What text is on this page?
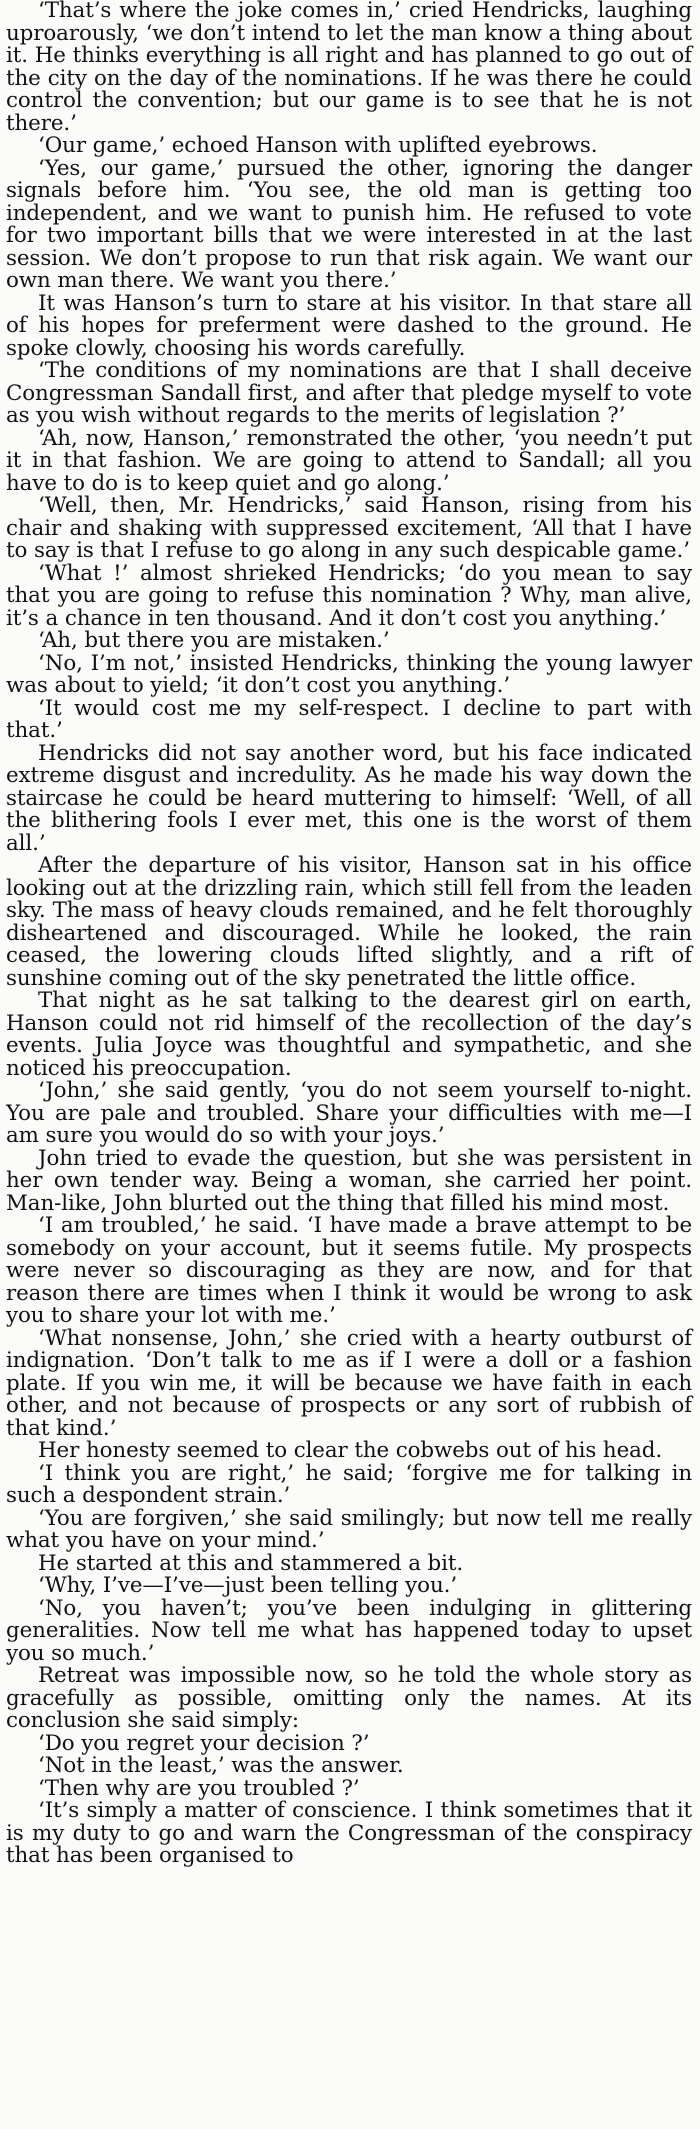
‘That’s where the joke comes in,’ cried Hendricks, laughing uproarously, ‘we don’t intend to let the man know a thing about it. He thinks everything is all right and has planned to go out of the city on the day of the nominations. If he was there he could control the convention; but our game is to see that he is not there.’

‘Our game,’ echoed Hanson with uplifted eyebrows.

‘Yes, our game,’ pursued the other, ignoring the danger signals before him. ‘You see, the old man is getting too independent, and we want to punish him. He refused to vote for two important bills that we were interested in at the last session. We don’t propose to run that risk again. We want our own man there. We want you there.’

It was Hanson’s turn to stare at his visitor. In that stare all of his hopes for preferment were dashed to the ground. He spoke clowly, choosing his words carefully.

‘The conditions of my nominations are that I shall deceive Congressman Sandall first, and after that pledge myself to vote as you wish without regards to the merits of legislation ?’

‘Ah, now, Hanson,’ remonstrated the other, ‘you needn’t put it in that fashion. We are going to attend to Sandall; all you have to do is to keep quiet and go along.’

‘Well, then, Mr. Hendricks,’ said Hanson, rising from his chair and shaking with suppressed excitement, ‘All that I have to say is that I refuse to go along in any such despicable game.’

‘What !’ almost shrieked Hendricks; ‘do you mean to say that you are going to refuse this nomination ? Why, man alive, it’s a chance in ten thousand. And it don’t cost you anything.’

‘Ah, but there you are mistaken.’

‘No, I’m not,’ insisted Hendricks, thinking the young lawyer was about to yield; ‘it don’t cost you anything.’

‘It would cost me my self-respect. I decline to part with that.’

Hendricks did not say another word, but his face indicated extreme disgust and incredulity. As he made his way down the staircase he could be heard muttering to himself: ‘Well, of all the blithering fools I ever met, this one is the worst of them all.’

After the departure of his visitor, Hanson sat in his office looking out at the drizzling rain, which still fell from the leaden sky. The mass of heavy clouds remained, and he felt thoroughly disheartened and discouraged. While he looked, the rain ceased, the lowering clouds lifted slightly, and a rift of sunshine coming out of the sky penetrated the little office.

That night as he sat talking to the dearest girl on earth, Hanson could not rid himself of the recollection of the day’s events. Julia Joyce was thoughtful and sympathetic, and she noticed his preoccupation.

‘John,’ she said gently, ‘you do not seem yourself to-night. You are pale and troubled. Share your difficulties with me—I am sure you would do so with your joys.’

John tried to evade the question, but she was persistent in her own tender way. Being a woman, she carried her point. Man-like, John blurted out the thing that filled his mind most.

‘I am troubled,’ he said. ‘I have made a brave attempt to be somebody on your account, but it seems futile. My prospects were never so discouraging as they are now, and for that reason there are times when I think it would be wrong to ask you to share your lot with me.’

‘What nonsense, John,’ she cried with a hearty outburst of indignation. ‘Don’t talk to me as if I were a doll or a fashion plate. If you win me, it will be because we have faith in each other, and not because of prospects or any sort of rubbish of that kind.’

Her honesty seemed to clear the cobwebs out of his head.

‘I think you are right,’ he said; ‘forgive me for talking in such a despondent strain.’

‘You are forgiven,’ she said smilingly; but now tell me really what you have on your mind.’

He started at this and stammered a bit.

‘Why, I’ve—I’ve—just been telling you.’

‘No, you haven’t; you’ve been indulging in glittering generalities. Now tell me what has happened today to upset you so much.’

Retreat was impossible now, so he told the whole story as gracefully as possible, omitting only the names. At its conclusion she said simply:

‘Do you regret your decision ?’

‘Not in the least,’ was the answer.

‘Then why are you troubled ?’

‘It’s simply a matter of conscience. I think sometimes that it is my duty to go and warn the Congressman of the conspiracy that has been organised to
